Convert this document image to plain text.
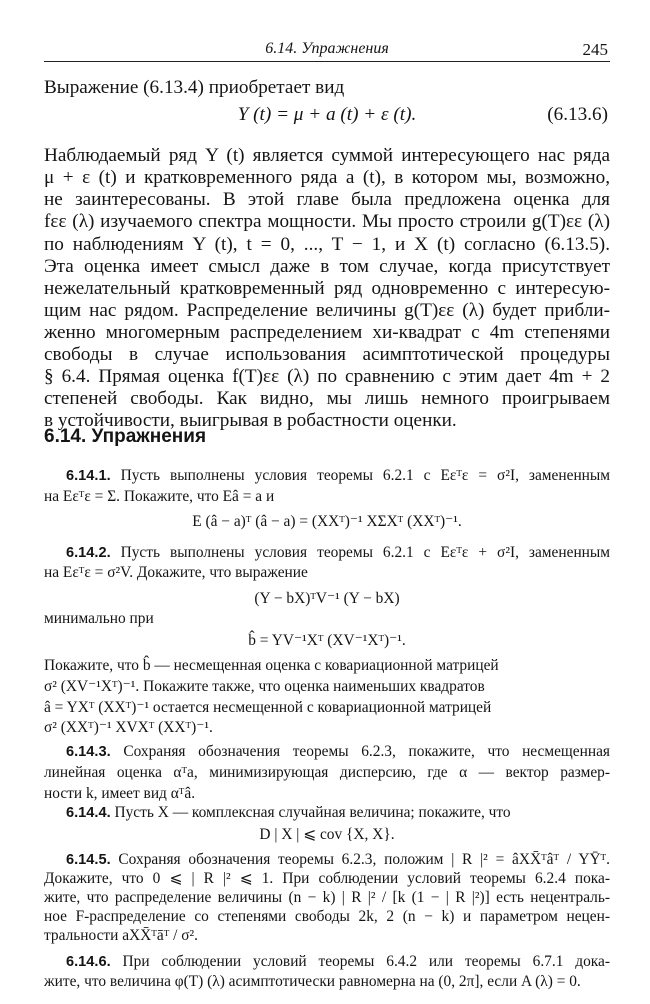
6.14. Упражнения	245
Выражение (6.13.4) приобретает вид
Y (t) = μ + a (t) + ε (t).	(6.13.6)
Наблюдаемый ряд Y (t) является суммой интересующего нас ряда
μ + ε (t) и кратковременного ряда a (t), в котором мы, возможно,
не заинтересованы. В этой главе была предложена оценка для
fεε (λ) изучаемого спектра мощности. Мы просто строили g(T)εε (λ)
по наблюдениям Y (t), t = 0, ..., T − 1, и X (t) согласно (6.13.5).
Эта оценка имеет смысл даже в том случае, когда присутствует
нежелательный кратковременный ряд одновременно с интересую-
щим нас рядом. Распределение величины g(T)εε (λ) будет прибли-
женно многомерным распределением хи-квадрат с 4m степенями
свободы в случае использования асимптотической процедуры
§ 6.4. Прямая оценка f(T)εε (λ) по сравнению с этим дает 4m + 2
степеней свободы. Как видно, мы лишь немного проигрываем
в устойчивости, выигрывая в робастности оценки.
6.14. Упражнения
6.14.1. Пусть выполнены условия теоремы 6.2.1 с Eεᵀε = σ²I, замененным
на Eεᵀε = Σ. Покажите, что Eâ = a и
E (â − a)ᵀ (â − a) = (XXᵀ)⁻¹ XΣXᵀ (XXᵀ)⁻¹.
6.14.2. Пусть выполнены условия теоремы 6.2.1 с Eεᵀε + σ²I, замененным
на Eεᵀε = σ²V. Докажите, что выражение
(Y − bX)ᵀV⁻¹ (Y − bX)
минимально при
b̂ = YV⁻¹Xᵀ (XV⁻¹Xᵀ)⁻¹.
Покажите, что b̂ — несмещенная оценка с ковариационной матрицей
σ² (XV⁻¹Xᵀ)⁻¹. Покажите также, что оценка наименьших квадратов
â = YXᵀ (XXᵀ)⁻¹ остается несмещенной с ковариационной матрицей
σ² (XXᵀ)⁻¹ XVXᵀ (XXᵀ)⁻¹.
6.14.3. Сохраняя обозначения теоремы 6.2.3, покажите, что несмещенная
линейная оценка αᵀa, минимизирующая дисперсию, где α — вектор размер-
ности k, имеет вид αᵀâ.
6.14.4. Пусть X — комплексная случайная величина; покажите, что
D | X | ⩽ cov {X, X}.
6.14.5. Сохраняя обозначения теоремы 6.2.3, положим | R |² = âXX̄ᵀâᵀ / YȲᵀ.
Докажите, что 0 ⩽ | R |² ⩽ 1. При соблюдении условий теоремы 6.2.4 пока-
жите, что распределение величины (n − k) | R |² / [k (1 − | R |²)] есть нецентраль-
ное F-распределение со степенями свободы 2k, 2 (n − k) и параметром нецен-
тральности aXX̄ᵀāᵀ / σ².
6.14.6. При соблюдении условий теоремы 6.4.2 или теоремы 6.7.1 дока-
жите, что величина φ(T) (λ) асимптотически равномерна на (0, 2π], если A (λ) = 0.
